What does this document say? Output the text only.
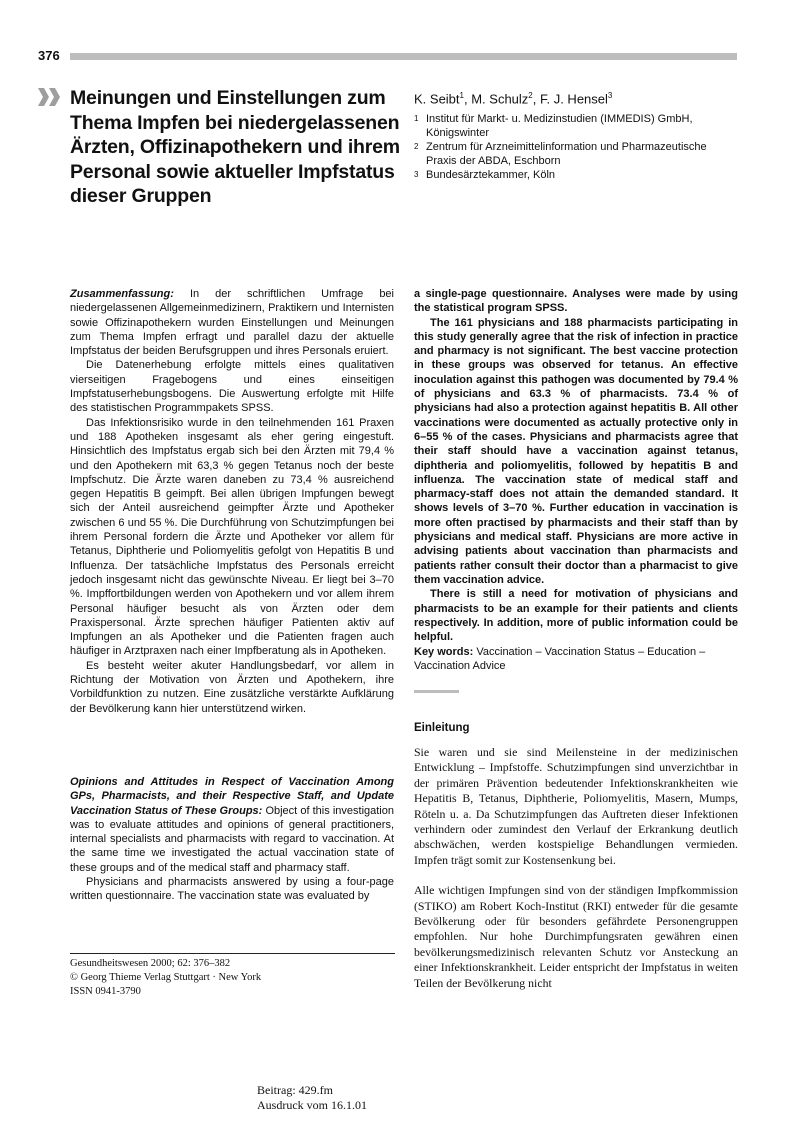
376
Meinungen und Einstellungen zum Thema Impfen bei niedergelassenen Ärzten, Offizinapothekern und ihrem Personal sowie aktueller Impfstatus dieser Gruppen
K. Seibt$^1$, M. Schulz$^2$, F. J. Hensel$^3$
1 Institut für Markt- u. Medizinstudien (IMMEDIS) GmbH,
Königswinter
2 Zentrum für Arzneimittelinformation und Pharmazeutische
Praxis der ABDA, Eschborn
3 Bundesärztekammer, Köln

Zusammenfassung: In der schriftlichen Umfrage bei niedergelassenen Allgemeinmedizinern, Praktikern und Internisten sowie Offizinapothekern wurden Einstellungen und Meinungen zum Thema Impfen erfragt und parallel dazu der aktuelle Impfstatus der beiden Berufsgruppen und ihres Personals eruiert.

Die Datenerhebung erfolgte mittels eines qualitativen vierseitigen Fragebogens und eines einseitigen Impfstatuserhebungsbogens. Die Auswertung erfolgte mit Hilfe des statistischen Programmpakets SPSS.

Das Infektionsrisiko wurde in den teilnehmenden 161 Praxen und 188 Apotheken insgesamt als eher gering eingestuft. Hinsichtlich des Impfstatus ergab sich bei den Ärzten mit 79,4 % und den Apothekern mit 63,3 % gegen Tetanus noch der beste Impfschutz. Die Ärzte waren daneben zu 73,4 % ausreichend gegen Hepatitis B geimpft. Bei allen übrigen Impfungen bewegt sich der Anteil ausreichend geimpfter Ärzte und Apotheker zwischen 6 und 55 %. Die Durchführung von Schutzimpfungen bei ihrem Personal fordern die Ärzte und Apotheker vor allem für Tetanus, Diphtherie und Poliomyelitis gefolgt von Hepatitis B und Influenza. Der tatsächliche Impfstatus des Personals erreicht jedoch insgesamt nicht das gewünschte Niveau. Er liegt bei 3–70 %. Impffortbildungen werden von Apothekern und vor allem ihrem Personal häufiger besucht als von Ärzten oder dem Praxispersonal. Ärzte sprechen häufiger Patienten aktiv auf Impfungen an als Apotheker und die Patienten fragen auch häufiger in Arztpraxen nach einer Impfberatung als in Apotheken.

Es besteht weiter akuter Handlungsbedarf, vor allem in Richtung der Motivation von Ärzten und Apothekern, ihre Vorbildfunktion zu nutzen. Eine zusätzliche verstärkte Aufklärung der Bevölkerung kann hier unterstützend wirken.

Opinions and Attitudes in Respect of Vaccination Among GPs, Pharmacists, and their Respective Staff, and Update Vaccination Status of These Groups: Object of this investigation was to evaluate attitudes and opinions of general practitioners, internal specialists and pharmacists with regard to vaccination. At the same time we investigated the actual vaccination state of these groups and of the medical staff and pharmacy staff.

Physicians and pharmacists answered by using a four-page written questionnaire. The vaccination state was evaluated by

a single-page questionnaire. Analyses were made by using the statistical program SPSS.

The 161 physicians and 188 pharmacists participating in this study generally agree that the risk of infection in practice and pharmacy is not significant. The best vaccine protection in these groups was observed for tetanus. An effective inoculation against this pathogen was documented by 79.4 % of physicians and 63.3 % of pharmacists. 73.4 % of physicians had also a protection against hepatitis B. All other vaccinations were documented as actually protective only in 6–55 % of the cases. Physicians and pharmacists agree that their staff should have a vaccination against tetanus, diphtheria and poliomyelitis, followed by hepatitis B and influenza. The vaccination state of medical staff and pharmacy-staff does not attain the demanded standard. It shows levels of 3–70 %. Further education in vaccination is more often practised by pharmacists and their staff than by physicians and medical staff. Physicians are more active in advising patients about vaccination than pharmacists and patients rather consult their doctor than a pharmacist to give them vaccination advice.

There is still a need for motivation of physicians and pharmacists to be an example for their patients and clients respectively. In addition, more of public information could be helpful.

Key words: Vaccination – Vaccination Status – Education – Vaccination Advice
Einleitung

Sie waren und sie sind Meilensteine in der medizinischen Entwicklung – Impfstoffe. Schutzimpfungen sind unverzichtbar in der primären Prävention bedeutender Infektionskrankheiten wie Hepatitis B, Tetanus, Diphtherie, Poliomyelitis, Masern, Mumps, Röteln u. a. Da Schutzimpfungen das Auftreten dieser Infektionen verhindern oder zumindest den Verlauf der Erkrankung deutlich abschwächen, werden kostspielige Behandlungen vermieden. Impfen trägt somit zur Kostensenkung bei.

Alle wichtigen Impfungen sind von der ständigen Impfkommission (STIKO) am Robert Koch-Institut (RKI) entweder für die gesamte Bevölkerung oder für besonders gefährdete Personengruppen empfohlen. Nur hohe Durchimpfungsraten gewähren einen bevölkerungsmedizinisch relevanten Schutz vor Ansteckung an einer Infektionskrankheit. Leider entspricht der Impfstatus in weiten Teilen der Bevölkerung nicht

Gesundheitswesen 2000; 62: 376–382
© Georg Thieme Verlag Stuttgart · New York
ISSN 0941-3790
Beitrag: 429.fm
Ausdruck vom 16.1.01
